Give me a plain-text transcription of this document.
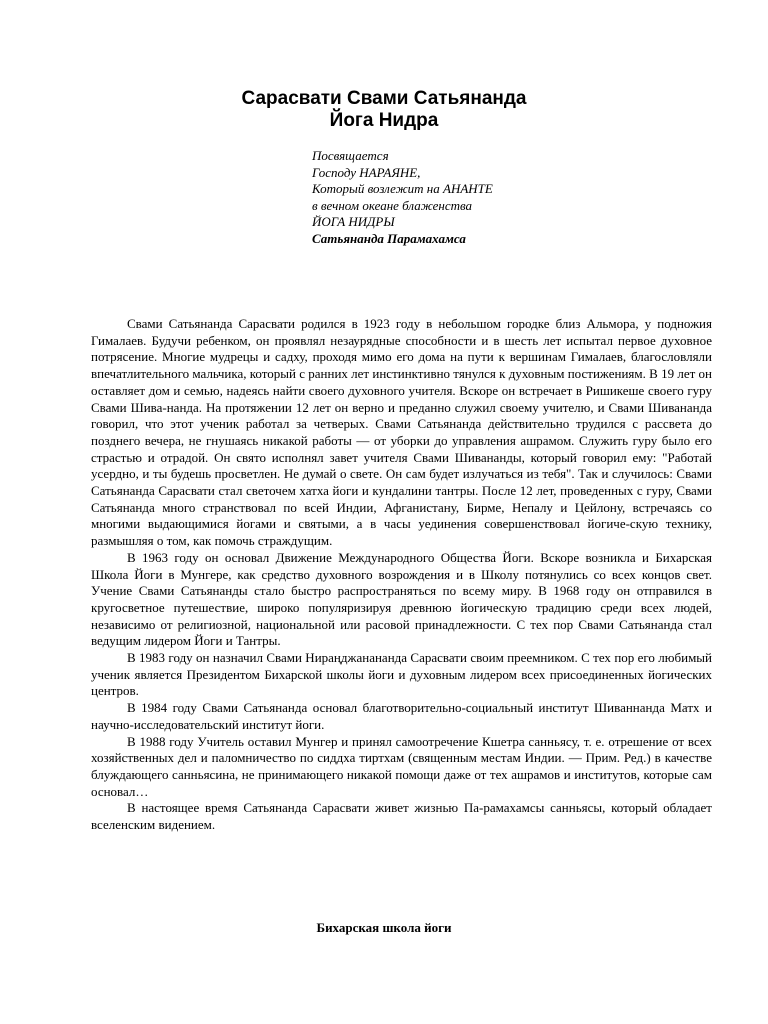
Сарасвати Свами Сатьянанда
Йога Нидра
Посвящается
Господу НАРАЯНЕ,
Который возлежит на АНАНТЕ
в вечном океане блаженства
ЙОГА НИДРЫ
Сатьянанда Парамахамса

Свами Сатьянанда Сарасвати родился в 1923 году в небольшом городке близ Альмора, у подножия Гималаев. Будучи ребенком, он проявлял незаурядные способности и в шесть лет испытал первое духовное потрясение. Многие мудрецы и садху, проходя мимо его дома на пути к вершинам Гималаев, благословляли впечатлительного мальчика, который с ранних лет инстинктивно тянулся к духовным постижениям. В 19 лет он оставляет дом и семью, надеясь найти своего духовного учителя. Вскоре он встречает в Ришикеше своего гуру Свами Шива-нанда. На протяжении 12 лет он верно и преданно служил своему учителю, и Свами Шивананда говорил, что этот ученик работал за четверых. Свами Сатьянанда действительно трудился с рассвета до позднего вечера, не гнушаясь никакой работы — от уборки до управления ашрамом. Служить гуру было его страстью и отрадой. Он свято исполнял завет учителя Свами Шивананды, который говорил ему: "Работай усердно, и ты будешь просветлен. Не думай о свете. Он сам будет излучаться из тебя". Так и случилось: Свами Сатьянанда Сарасвати стал светочем хатха йоги и кундалини тантры. После 12 лет, проведенных с гуру, Свами Сатьянанда много странствовал по всей Индии, Афганистану, Бирме, Непалу и Цейлону, встречаясь со многими выдающимися йогами и святыми, а в часы уединения совершенствовал йогиче-скую технику, размышляя о том, как помочь страждущим.

В 1963 году он основал Движение Международного Общества Йоги. Вскоре возникла и Бихарская Школа Йоги в Мунгере, как средство духовного возрождения и в Школу потянулись со всех концов свет. Учение Свами Сатьянанды стало быстро распространяться по всему миру. В 1968 году он отправился в кругосветное путешествие, широко популяризируя древнюю йогическую традицию среди всех людей, независимо от религиозной, национальной или расовой принадлежности. С тех пор Свами Сатьянанда стал ведущим лидером Йоги и Тантры.

В 1983 году он назначил Свами Нираңджанананда Сарасвати своим преемником. С тех пор его любимый ученик является Президентом Бихарской школы йоги и духовным лидером всех присоединенных йогических центров.

В 1984 году Свами Сатьянанда основал благотворительно-социальный институт Шиваннанда Матх и научно-исследовательский институт йоги.

В 1988 году Учитель оставил Мунгер и принял самоотречение Кшетра санньясу, т. е. отрешение от всех хозяйственных дел и паломничество по сиддха тиртхам (священным местам Индии. — Прим. Ред.) в качестве блуждающего санньясина, не принимающего никакой помощи даже от тех ашрамов и институтов, которые сам основал…

В настоящее время Сатьянанда Сарасвати живет жизнью Па-рамахамсы санньясы, который обладает вселенским видением.

Бихарская школа йоги
